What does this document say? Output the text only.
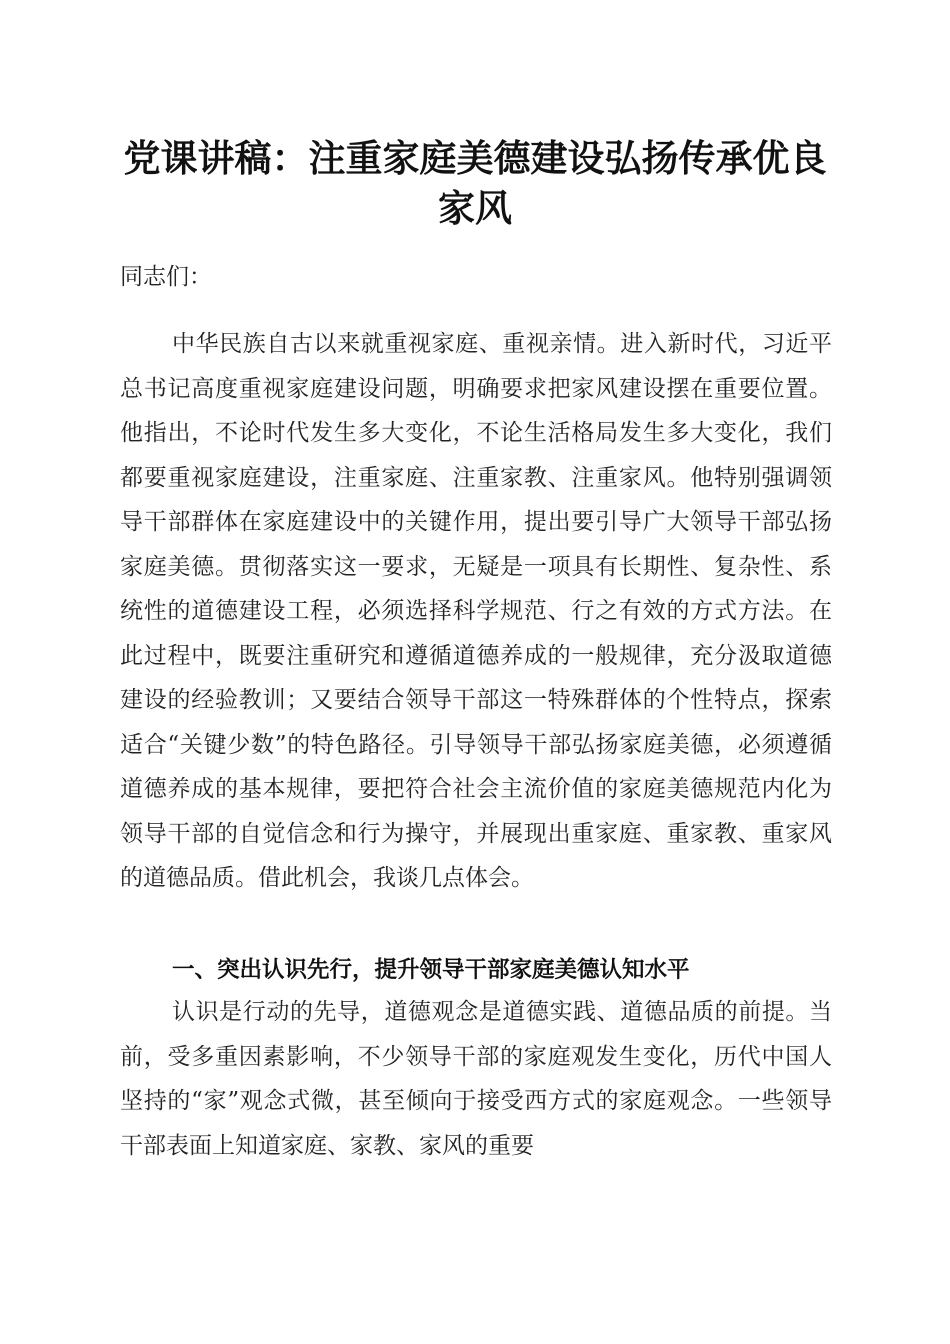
党课讲稿：注重家庭美德建设弘扬传承优良家风

同志们：

中华民族自古以来就重视家庭、重视亲情。进入新时代，习近平总书记高度重视家庭建设问题，明确要求把家风建设摆在重要位置。他指出，不论时代发生多大变化，不论生活格局发生多大变化，我们都要重视家庭建设，注重家庭、注重家教、注重家风。他特别强调领导干部群体在家庭建设中的关键作用，提出要引导广大领导干部弘扬家庭美德。贯彻落实这一要求，无疑是一项具有长期性、复杂性、系统性的道德建设工程，必须选择科学规范、行之有效的方式方法。在此过程中，既要注重研究和遵循道德养成的一般规律，充分汲取道德建设的经验教训；又要结合领导干部这一特殊群体的个性特点，探索适合“关键少数”的特色路径。引导领导干部弘扬家庭美德，必须遵循道德养成的基本规律，要把符合社会主流价值的家庭美德规范内化为领导干部的自觉信念和行为操守，并展现出重家庭、重家教、重家风的道德品质。借此机会，我谈几点体会。

一、突出认识先行，提升领导干部家庭美德认知水平

认识是行动的先导，道德观念是道德实践、道德品质的前提。当前，受多重因素影响，不少领导干部的家庭观发生变化，历代中国人坚持的“家”观念式微，甚至倾向于接受西方式的家庭观念。一些领导干部表面上知道家庭、家教、家风的重要
